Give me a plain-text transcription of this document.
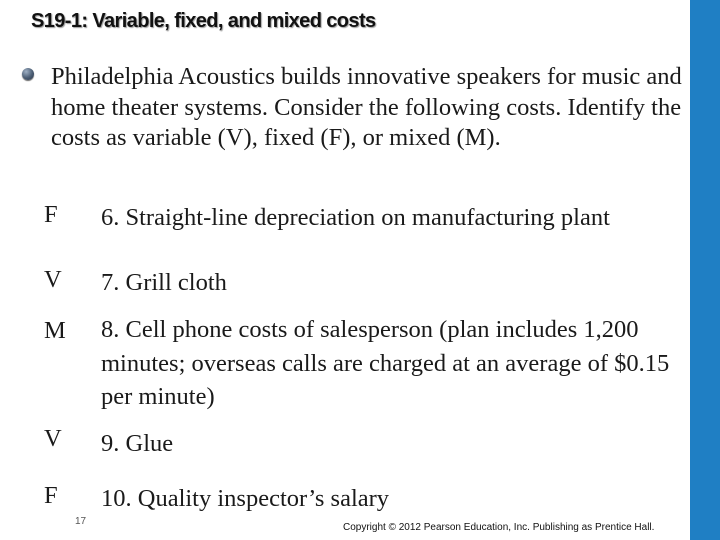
S19-1: Variable, fixed, and mixed costs
Philadelphia Acoustics builds innovative speakers for music and home theater systems. Consider the following costs. Identify the costs as variable (V), fixed (F), or mixed (M).
F	6. Straight-line depreciation on manufacturing plant
V	7. Grill cloth
M	8. Cell phone costs of salesperson (plan includes 1,200 minutes; overseas calls are charged at an average of $0.15 per minute)
V	9. Glue
F	10. Quality inspector’s salary
17
Copyright © 2012 Pearson Education, Inc. Publishing as Prentice Hall.
